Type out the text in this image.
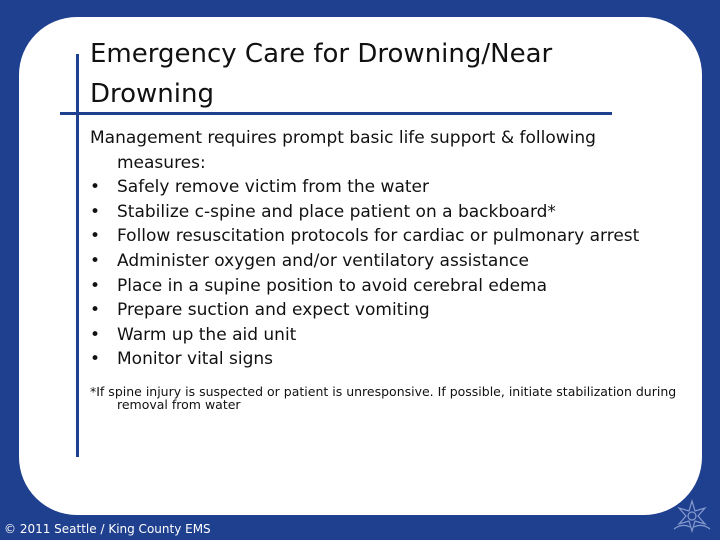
Emergency Care for Drowning/Near Drowning
Management requires prompt basic life support & following
measures:
• Safely remove victim from the water
• Stabilize c-spine and place patient on a backboard*
• Follow resuscitation protocols for cardiac or pulmonary arrest
• Administer oxygen and/or ventilatory assistance
• Place in a supine position to avoid cerebral edema
• Prepare suction and expect vomiting
• Warm up the aid unit
• Monitor vital signs
*If spine injury is suspected or patient is unresponsive. If possible, initiate stabilization during
removal from water
© 2011 Seattle / King County EMS
